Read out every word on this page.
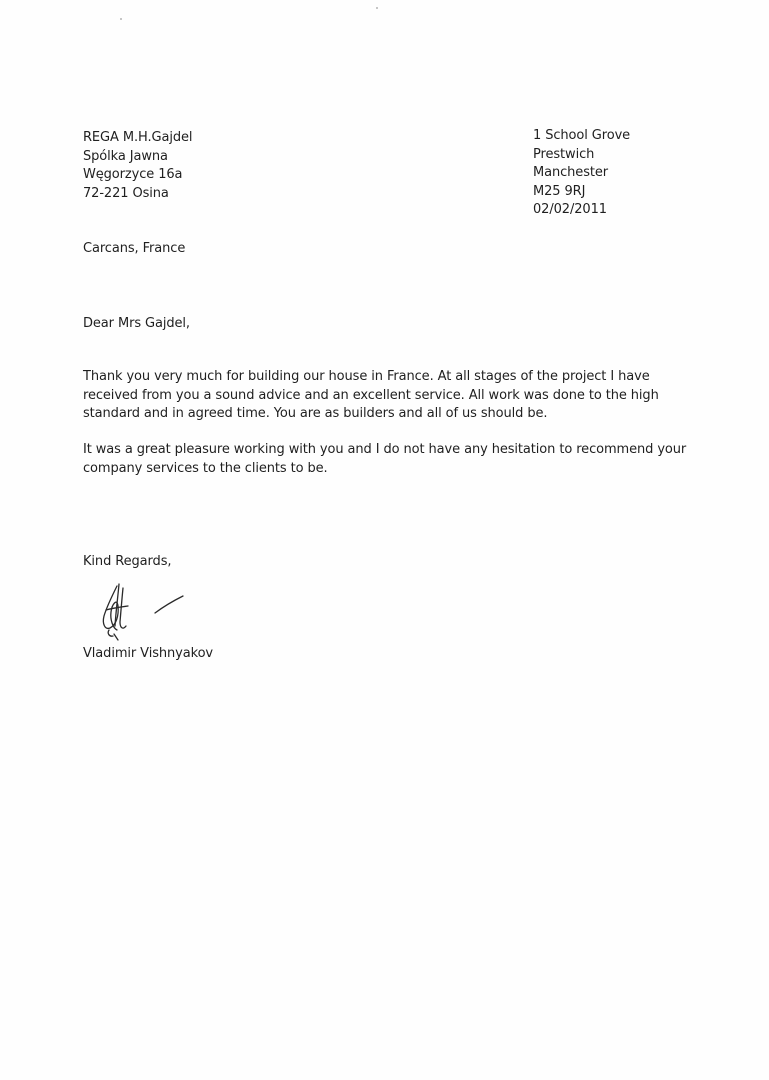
REGA M.H.Gajdel
Spólka Jawna
Węgorzyce 16a
72-221 Osina
1 School Grove
Prestwich
Manchester
M25 9RJ
02/02/2011
Carcans, France
Dear Mrs Gajdel,
Thank you very much for building our house in France. At all stages of the project I have
received from you a sound advice and an excellent service. All work was done to the high
standard and in agreed time. You are as builders and all of us should be.
It was a great pleasure working with you and I do not have any hesitation to recommend your
company services to the clients to be.
Kind Regards,
Vladimir Vishnyakov
